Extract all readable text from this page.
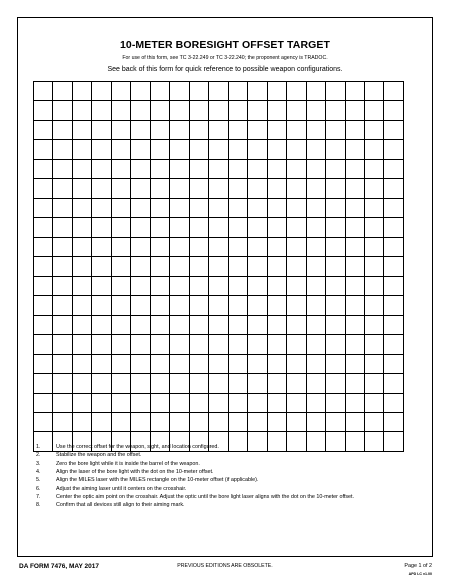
10-METER BORESIGHT OFFSET TARGET
For use of this form, see TC 3-22.249 or TC 3-22.240; the proponent agency is TRADOC.
See back of this form for quick reference to possible weapon configurations.

1.	Use the correct offset for the weapon, sight, and location configured.
2.	Stabilize the weapon and the offset.
3.	Zero the bore light while it is inside the barrel of the weapon.
4.	Align the laser of the bore light with the dot on the 10-meter offset.
5.	Align the MILES laser with the MILES rectangle on the 10-meter offset (if applicable).
6.	Adjust the aiming laser until it centers on the crosshair.
7.	Center the optic aim point on the crosshair. Adjust the optic until the bore light laser aligns with the dot on the 10-meter offset.
8.	Confirm that all devices still align to their aiming mark.
DA FORM 7476, MAY 2017	PREVIOUS EDITIONS ARE OBSOLETE.	Page 1 of 2
APD LC v1.00
